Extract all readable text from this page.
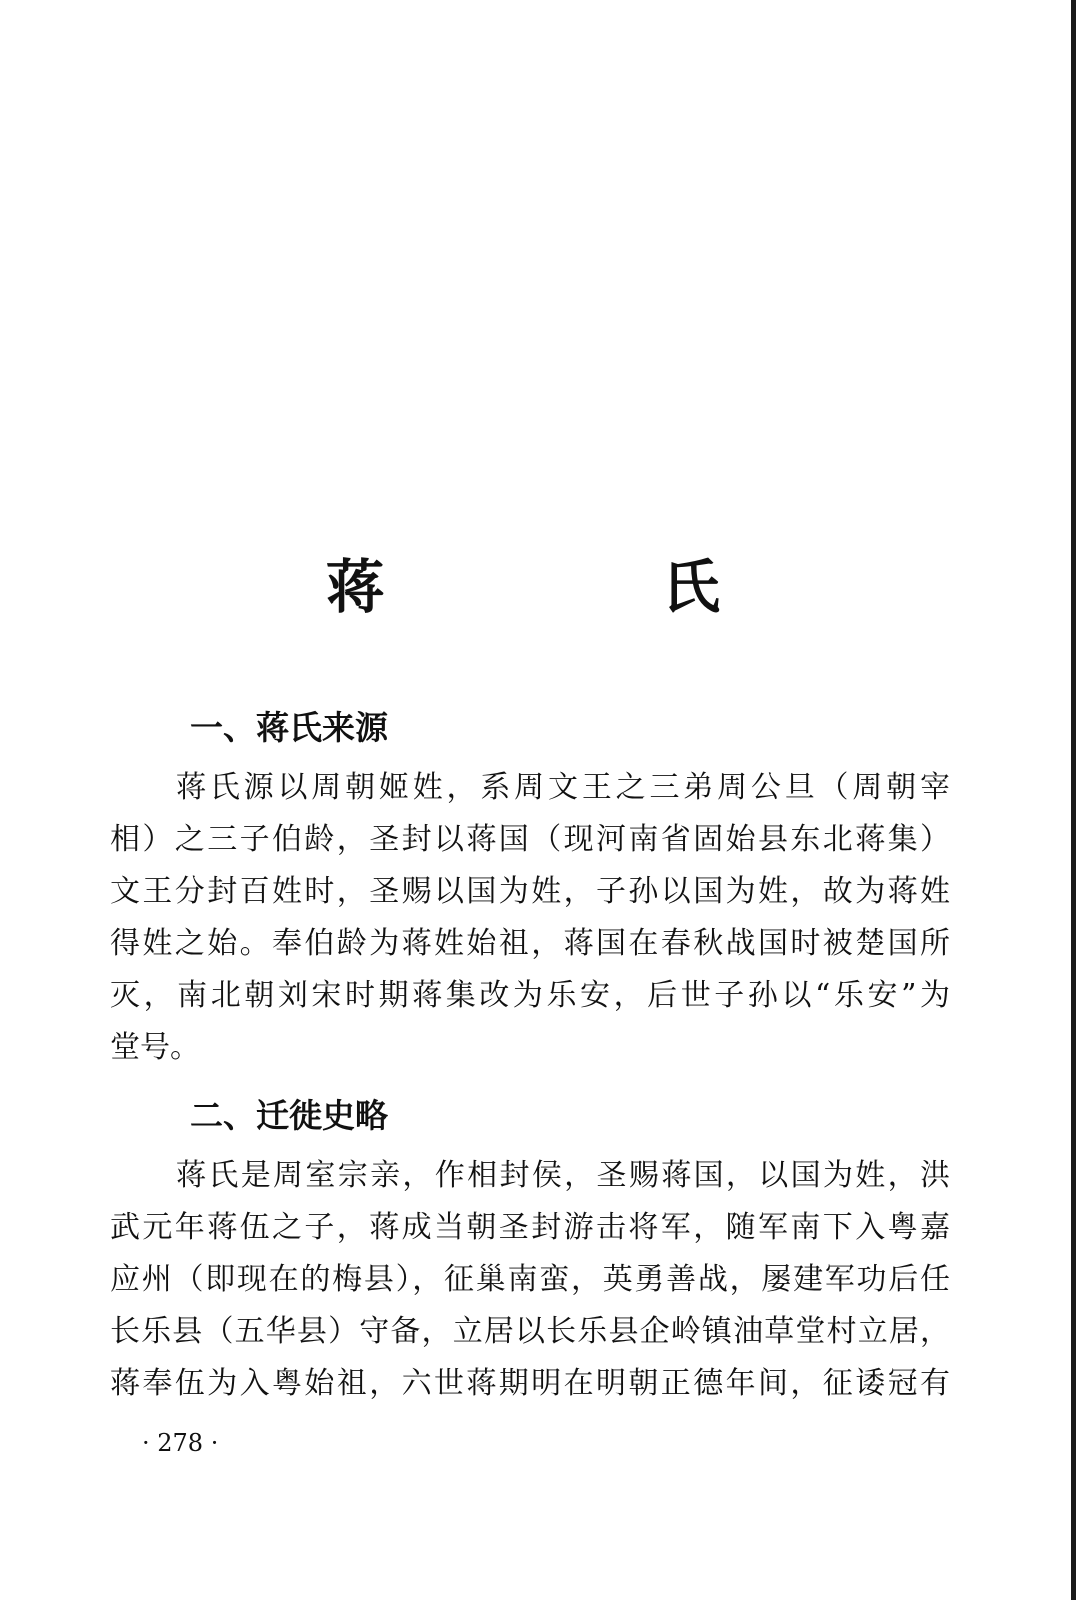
蒋　氏
一、蒋氏来源
蒋氏源以周朝姬姓，系周文王之三弟周公旦（周朝宰
相）之三子伯龄，圣封以蒋国（现河南省固始县东北蒋集）
文王分封百姓时，圣赐以国为姓，子孙以国为姓，故为蒋姓
得姓之始。奉伯龄为蒋姓始祖，蒋国在春秋战国时被楚国所
灭，南北朝刘宋时期蒋集改为乐安，后世子孙以“乐安”为
堂号。
二、迁徙史略
蒋氏是周室宗亲，作相封侯，圣赐蒋国，以国为姓，洪
武元年蒋伍之子，蒋成当朝圣封游击将军，随军南下入粤嘉
应州（即现在的梅县），征巢南蛮，英勇善战，屡建军功后任
长乐县（五华县）守备，立居以长乐县企岭镇油草堂村立居，
蒋奉伍为入粤始祖，六世蒋期明在明朝正德年间，征诿冠有
· 278 ·
